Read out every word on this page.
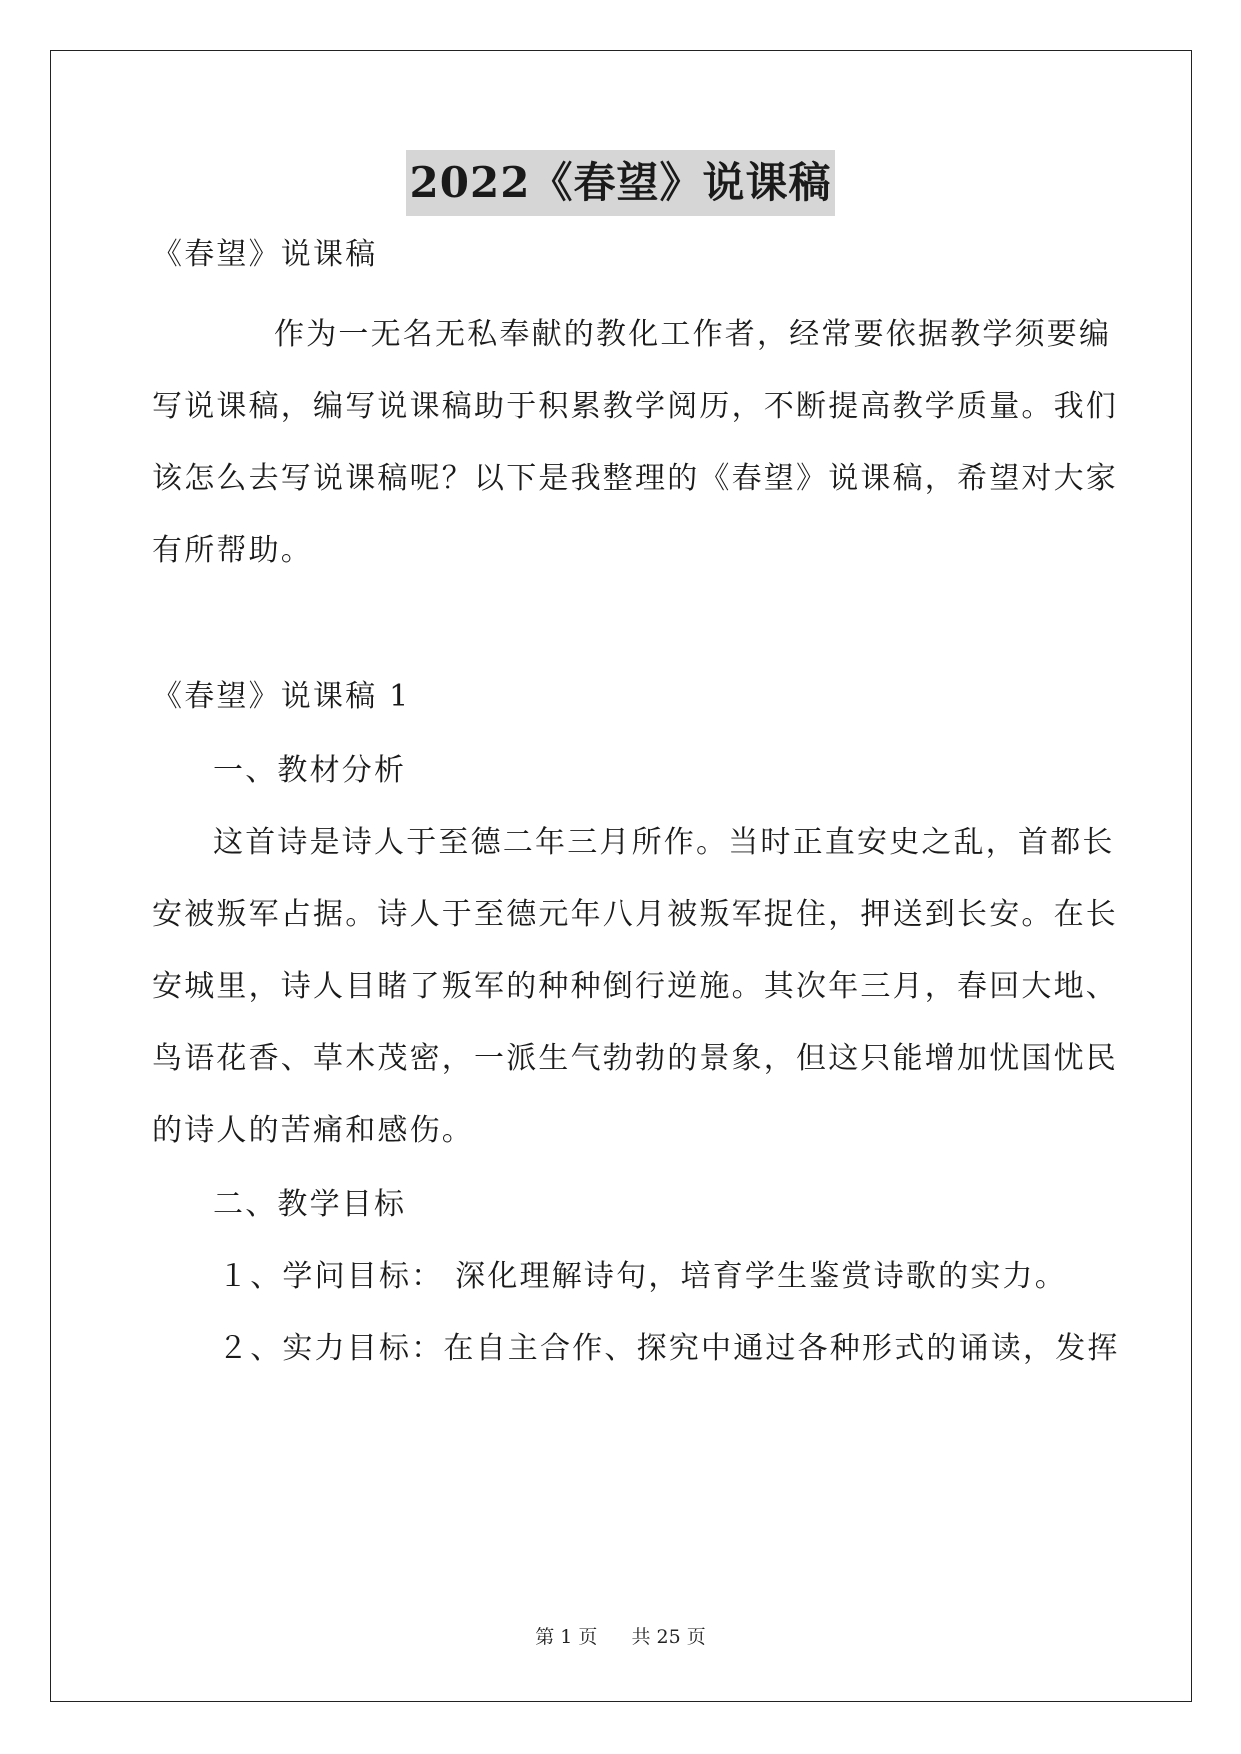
2022《春望》说课稿
《春望》说课稿
作为一无名无私奉献的教化工作者，经常要依据教学须要编
写说课稿，编写说课稿助于积累教学阅历，不断提高教学质量。我们
该怎么去写说课稿呢？以下是我整理的《春望》说课稿，希望对大家
有所帮助。
《春望》说课稿 1
一、教材分析
这首诗是诗人于至德二年三月所作。当时正直安史之乱，首都长
安被叛军占据。诗人于至德元年八月被叛军捉住，押送到长安。在长
安城里，诗人目睹了叛军的种种倒行逆施。其次年三月，春回大地、
鸟语花香、草木茂密，一派生气勃勃的景象，但这只能增加忧国忧民
的诗人的苦痛和感伤。
二、教学目标
１、学问目标： 深化理解诗句，培育学生鉴赏诗歌的实力。
２、实力目标：在自主合作、探究中通过各种形式的诵读，发挥
第 1 页 共 25 页
